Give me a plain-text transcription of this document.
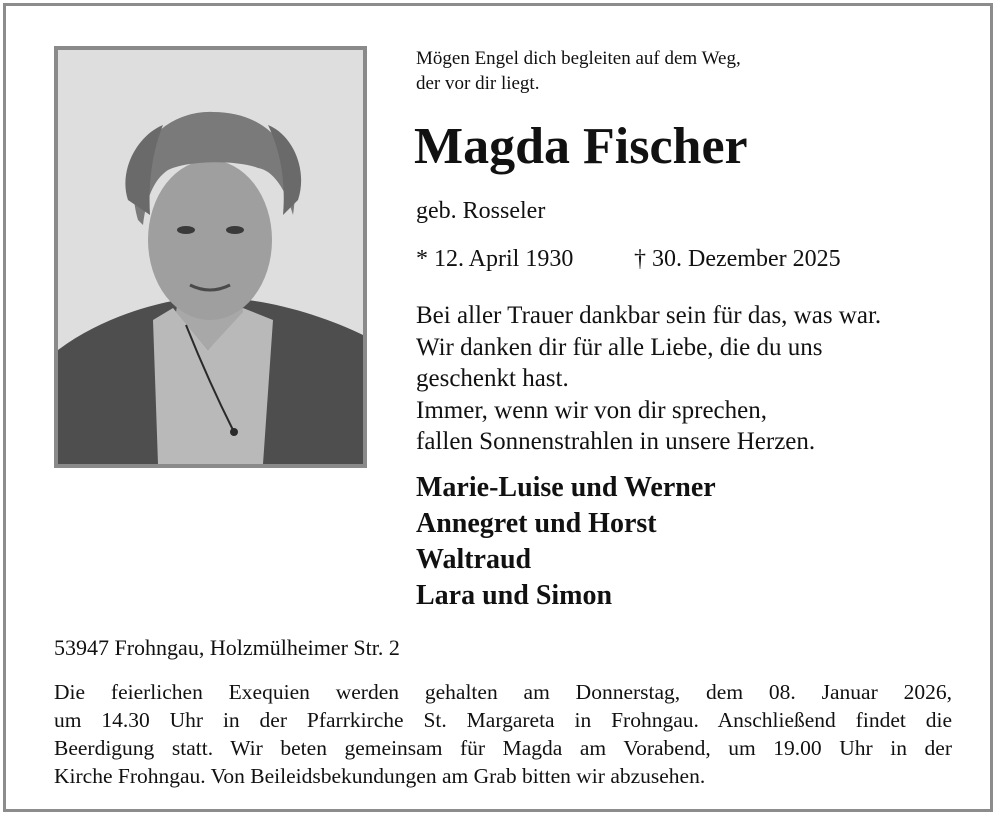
Mögen Engel dich begleiten auf dem Weg,
der vor dir liegt.
Magda Fischer
geb. Rosseler
* 12. April 1930	† 30. Dezember 2025
Bei aller Trauer dankbar sein für das, was war.
Wir danken dir für alle Liebe, die du uns
geschenkt hast.
Immer, wenn wir von dir sprechen,
fallen Sonnenstrahlen in unsere Herzen.
Marie-Luise und Werner
Annegret und Horst
Waltraud
Lara und Simon
53947 Frohngau, Holzmülheimer Str. 2
Die feierlichen Exequien werden gehalten am Donnerstag, dem 08. Januar 2026,
um 14.30 Uhr in der Pfarrkirche St. Margareta in Frohngau. Anschließend findet die
Beerdigung statt. Wir beten gemeinsam für Magda am Vorabend, um 19.00 Uhr in der
Kirche Frohngau. Von Beileidsbekundungen am Grab bitten wir abzusehen.
